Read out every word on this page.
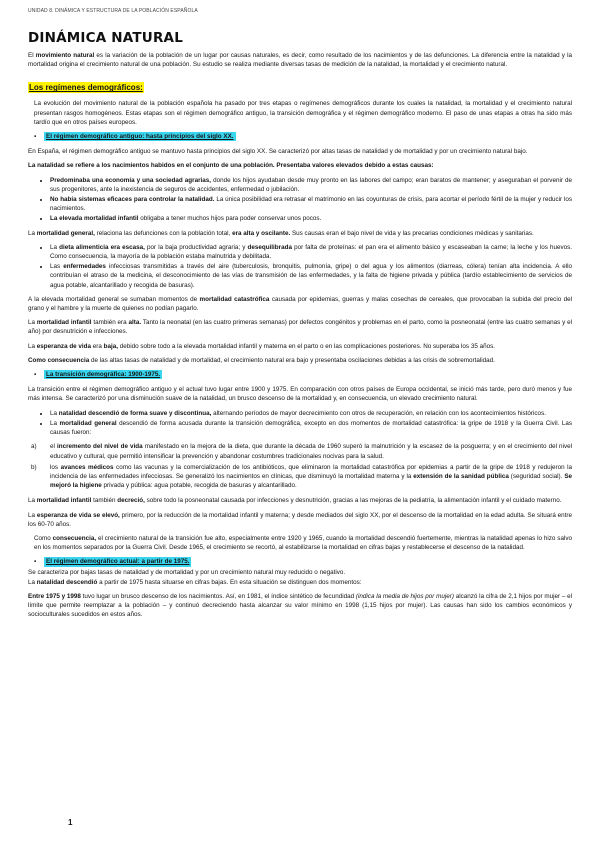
UNIDAD 8. DINÁMICA Y ESTRUCTURA DE LA POBLACIÓN ESPAÑOLA
DINÁMICA NATURAL

El movimiento natural es la variación de la población de un lugar por causas naturales, es decir, como resultado de los nacimientos y de las defunciones. La diferencia entre la natalidad y la mortalidad origina el crecimiento natural de una población. Su estudio se realiza mediante diversas tasas de medición de la natalidad, la mortalidad y el crecimiento natural.

Los regímenes demográficos:

La evolución del movimiento natural de la población española ha pasado por tres etapas o regímenes demográficos durante los cuales la natalidad, la mortalidad y el crecimiento natural presentan rasgos homogéneos. Estas etapas son el régimen demográfico antiguo, la transición demográfica y el régimen demográfico moderno. El paso de unas etapas a otras ha sido más tardío que en otros países europeos.

▪ El régimen demográfico antiguo: hasta principios del siglo XX.

En España, el régimen demográfico antiguo se mantuvo hasta principios del siglo XX. Se caracterizó por altas tasas de natalidad y de mortalidad y por un crecimiento natural bajo.

La natalidad se refiere a los nacimientos habidos en el conjunto de una población. Presentaba valores elevados debido a estas causas:

• Predominaba una economía y una sociedad agrarias, donde los hijos ayudaban desde muy pronto en las labores del campo; eran baratos de mantener; y aseguraban el porvenir de sus progenitores, ante la inexistencia de seguros de accidentes, enfermedad o jubilación.
• No había sistemas eficaces para controlar la natalidad. La única posibilidad era retrasar el matrimonio en las coyunturas de crisis, para acortar el período fértil de la mujer y reducir los nacimientos.
• La elevada mortalidad infantil obligaba a tener muchos hijos para poder conservar unos pocos.

La mortalidad general, relaciona las defunciones con la población total, era alta y oscilante. Sus causas eran el bajo nivel de vida y las precarias condiciones médicas y sanitarias.

• La dieta alimenticia era escasa, por la baja productividad agraria; y desequilibrada por falta de proteínas: el pan era el alimento básico y escaseaban la carne; la leche y los huevos. Como consecuencia, la mayoría de la población estaba malnutrida y debilitada.
• Las enfermedades infecciosas transmitidas a través del aire (tuberculosis, bronquitis, pulmonía, gripe) o del agua y los alimentos (diarreas, cólera) tenían alta incidencia. A ello contribuían el atraso de la medicina, el desconocimiento de las vías de transmisión de las enfermedades, y la falta de higiene privada y pública (tardío establecimiento de servicios de agua potable, alcantarillado y recogida de basuras).

A la elevada mortalidad general se sumaban momentos de mortalidad catastrófica causada por epidemias, guerras y malas cosechas de cereales, que provocaban la subida del precio del grano y el hambre y la muerte de quienes no podían pagarlo.

La mortalidad infantil también era alta. Tanto la neonatal (en las cuatro primeras semanas) por defectos congénitos y problemas en el parto, como la posneonatal (entre las cuatro semanas y el año) por desnutrición e infecciones.

La esperanza de vida era baja, debido sobre todo a la elevada mortalidad infantil y materna en el parto o en las complicaciones posteriores. No superaba los 35 años.

Como consecuencia de las altas tasas de natalidad y de mortalidad, el crecimiento natural era bajo y presentaba oscilaciones debidas a las crisis de sobremortalidad.

▪ La transición demográfica: 1900-1975.

La transición entre el régimen demográfico antiguo y el actual tuvo lugar entre 1900 y 1975. En comparación con otros países de Europa occidental, se inició más tarde, pero duró menos y fue más intensa. Se caracterizó por una disminución suave de la natalidad, un brusco descenso de la mortalidad y, en consecuencia, un elevado crecimiento natural.

• La natalidad descendió de forma suave y discontinua, alternando períodos de mayor decrecimiento con otros de recuperación, en relación con los acontecimientos históricos.
• La mortalidad general descendió de forma acusada durante la transición demográfica, excepto en dos momentos de mortalidad catastrófica: la gripe de 1918 y la Guerra Civil. Las causas fueron:
a)	el incremento del nivel de vida manifestado en la mejora de la dieta, que durante la década de 1960 superó la malnutrición y la escasez de la posguerra; y en el crecimiento del nivel educativo y cultural, que permitió intensificar la prevención y abandonar costumbres tradicionales nocivas para la salud.
b)	los avances médicos como las vacunas y la comercialización de los antibióticos, que eliminaron la mortalidad catastrófica por epidemias a partir de la gripe de 1918 y redujeron la incidencia de las enfermedades infecciosas. Se generalizó los nacimientos en clínicas, que disminuyó la mortalidad materna y la extensión de la sanidad pública (seguridad social). Se mejoró la higiene privada y pública: agua potable, recogida de basuras y alcantarillado.

La mortalidad infantil también decreció, sobre todo la posneonatal causada por infecciones y desnutrición, gracias a las mejoras de la pediatría, la alimentación infantil y el cuidado materno.

La esperanza de vida se elevó, primero, por la reducción de la mortalidad infantil y materna; y desde mediados del siglo XX, por el descenso de la mortalidad en la edad adulta. Se situará entre los 60-70 años.

Como consecuencia, el crecimiento natural de la transición fue alto, especialmente entre 1920 y 1965, cuando la mortalidad descendió fuertemente, mientras la natalidad apenas lo hizo salvo en los momentos separados por la Guerra Civil. Desde 1965, el crecimiento se recortó, al estabilizarse la mortalidad en cifras bajas y restablecerse el descenso de la natalidad.

▪ El régimen demográfico actual: a partir de 1975.

Se caracteriza por bajas tasas de natalidad y de mortalidad y por un crecimiento natural muy reducido o negativo.

La natalidad descendió a partir de 1975 hasta situarse en cifras bajas. En esta situación se distinguen dos momentos:

Entre 1975 y 1998 tuvo lugar un brusco descenso de los nacimientos. Así, en 1981, el índice sintético de fecundidad (indica la media de hijos por mujer) alcanzó la cifra de 2,1 hijos por mujer – el límite que permite reemplazar a la población – y continuó decreciendo hasta alcanzar su valor mínimo en 1998 (1,15 hijos por mujer). Las causas han sido los cambios económicos y socioculturales sucedidos en estos años.

1
